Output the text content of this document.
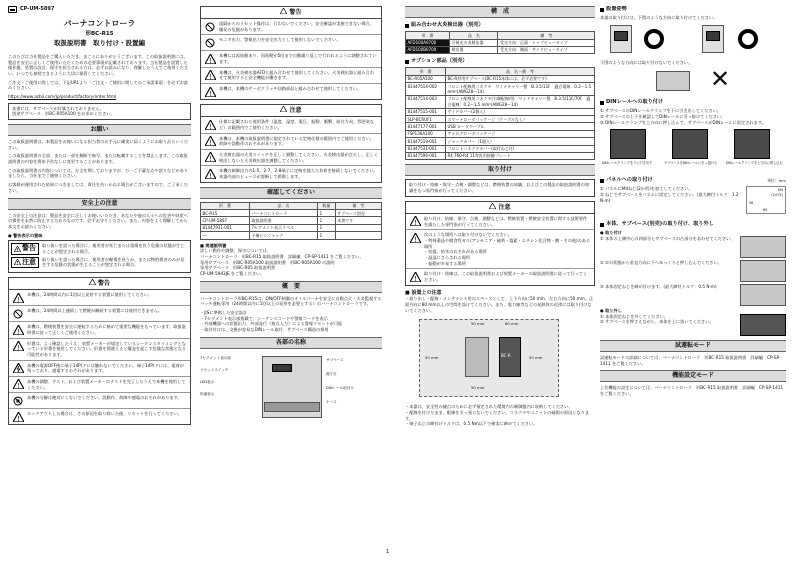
CP-UM-5897
バーナコントローラ
形BC-R15
取扱説明書　取り付け・設置編

このたびは当社製品をご購入いただき、まことにありがとうございます。この取扱説明書には、製品を安全に正しくご使用いただくための必要事項が記載されております。当社製品を設置した操作盤、装置の設計、保守を担当される方は、必ずお読みになり、理解したうえでご使用ください。いつでも参照できるように大切に保管してください。

ご注文・ご使用に際しては、下記URLより「ご注文・ご使用に関してのご承諾事項」を必ずお読みください。

https://www.azbil.com/jp/product/factory/order.html

本書には、サブベースが付属されておりません。
別途サブベース　形BC-R05A100 をお求めください。
お願い

この取扱説明書は、本製品をお使いになる担当者のお手元に確実に届くようにお取り計らいください。

この取扱説明書の全部、または一部を無断で複写、または転載することを禁止します。この取扱説明書の内容を将来予告なしに変更することがあります。

この取扱説明書の内容については、万全を期しておりますが、万一ご不審な点や誤りなどがありましたら、当社までご連絡ください。

お客様が運用された結果につきましては、責任を負いかねる場合がございますので、ご了承ください。

安全上の注意

この安全上の注意は、製品を安全に正しくお使いいただき、あなたや他の人々への危害や財産への損害を未然に防止するためのものです。必ずお守りください。また、内容をよく理解してから本文をお読みください。

● 警告表示の意味
! 警告 取り扱いを誤った場合に、使用者が死亡または重傷を負う危険の状態が生じることが想定される場合。
! 注意 取り扱いを誤った場合に、使用者が軽傷を負うか、または物的損害のみが発生する危険の状態が生じることが想定される場合。
警告
!
本機は、24時間以内に1回以上発停する装置に使用してください。
本機は、24時間以上連続して燃焼が継続する装置には使用できません。
!
本機は、燃焼装置を安全に運転するために極めて重要な機能をもっています。取扱説明書に従って正しくご使用ください。
!
形番は、よく確認したうえ、装置メーカーが規定しているシーケンスタイミングとなっている形番を使用してください。形番を間違えると爆発を起こす危険な状態となる可能性があります。
本機の電源OFF後に端子14P(ドには触れないでください。端子14P(ドには、電荷が残っており、感電するおそれがあります。
!
本機の調整、テスト、および装置メーカーのテストを完了したうえで本機を使用してください。
本機の分解は絶対にしないでください。誤動作、故障や感電のおそれがあります。
!
ロックアウトした場合は、その原因を取り除いた後、リセットを行ってください。
警告
遠隔からのリセット操作は、行わないでください。安全確認が実施できない場合、爆発の危険があります。
モニタ出力、警報出力を安全出力として使用しないでください。
!
本機には再始動あり、再始動が5回まで自動繰り返しで行われるように調整されています。
!
本機は、火炎検出器AFDと組み合わせて使用してください。火炎検出器と組み合わせて使用すると安全機能が働きます。
!
本機は、本機のサーボクラッチ回路部品と組み合わせて使用してください。
注意
!
仕様に記載された使用条件（温度、湿度、電圧、振動、衝撃、取付方向、雰囲気など）の範囲内でご使用ください。
!
本機は、本機の取扱説明書に規定されている定格仕様の範囲内でご使用ください。故障や誤動作のおそれがあります。
!
火炎検出器の火炎スイッチを正しく調整してください。火炎検出器が点火し、正しく検出しないと火炎検出器を調整してください。
!
本機の制御出力の1-5、2-7、2-8端子に定格を越えた負荷を接続しないでください。本器内部のヒューズが溶断して損傷します。
確認してください
形　番	品　名	数量	備　考
BC-R15	バーナコントローラ	1	サブベース別売
CP-UM-5897	取扱説明書	1	本書です
81447931-001	7セグメント表示ラベル	1	
―	予備ピンジャック	1	
■ 関連説明書
詳しい動作や調整、保守については、
バーナコントローラ　形BC-R15 取扱説明書　詳細編　CP-SP-1411 をご覧ください。
専用サブベース　形BC-R05A100 取扱説明書　形BC-R05A100 の説明
専用サブベース　形BC-R05 取扱説明書
CP-UM-5943JE をご覧ください。
概　要

バーナコントローラ形BC-R15は、ON/OFF制御のオイルバーナを安全に自動点火・火炎監視するバッチ運転専用（24時間以内に1回以上の発停を必要とする）のバーナコントローラです。

・JISに準拠した安全設計
・7セグメント表示部搭載で、シーケンスコードや警報コードを表示
・外部機器への状態出力、外部発行（接点入力）による警報リセットが可能
・取付付けは、交換が容易なDINレール取付、サブベース構造の採用
各部の名称
7セグメント表示部
リセットスイッチ
LED表示
形番表示
サブベース
端子台
DINレール取付け
ケース
構　成
組み合わせ火炎検出器（別売）
形　番	品　名	備　考
AFD100A0700	可視光火炎検出器	受光方向：正面　トップビュータイプ
AFD100B0700	検出器	受光方向：側面　サイドビュータイプ
オプション部品（別売）
形　番	品　名・備　考
BC-R05A100	BC-R形用サブベース(BC-R15本体には、必ず必要です)
81447514-002	フロント配線用コネクタ　ワイドキャリー製　B.3.5/11F　適合電線：0.2～1.5 mm²(AWG28～14)
81447514-003	フロント配線用コネクタ(右側配線用)　ワイドキャリー製　B.3.5/11F/70F　適合電線：0.2～1.5 mm²(AWG28～14)
81447515-001	サイドカバー(2個入)
SLP-BCRUF1	スマートローダパッケージ（ケーブルなし）
81447177-001	USB ローダケーブル
FSP136A100	アナログローダパッケージ
81447519-001	ジャックカバー（1個入）
81447531-001	フロントコネクタカバー(取付ねじ付)
81447596-001	R4 760-R4 11等汎用接触プレート
取り付け
取り付け・結線・保守・点検・調整などは、燃焼装置の知識、およびこの製品の取扱説明書の知識をもつ専門家が行ってください。
注意
!
取り付け、結線、保守、点検、調整などは、燃焼装置・燃焼安全装置に関する技術要件を満たした専門家が行ってください。
!
次のような場所へは取り付けないでください。
・特殊薬品や腐食性ガス(アンモニア・硫黄・塩素・エチレン化合物・酸・その他)のある場所
・結露、結氷のおそれがある場所
・温湿にさらされる場所
・振動が多発する場所
!
取り付け・結線は、この取扱説明書および装置メーカーの取扱説明書に従って行ってください。
■ 設置上の注意
・取り出し・配線・メンテナンス用のスペースとして、上下方向に50 mm、左右方向に50 mm、正面方向に80 mm以上の空間を設けてください。また、電力線等などの発熱体の近傍には取り付けないでください。
BC-R
50 mm
50 mm	50 mm
80 mm
50 mm
・本器は、安全性の観点のために必ず指定された環境内の制御盤内に収納してください。
・配線を付けたまま、配線を引っ張らないでください。コネクタやユニットの破損の原因となります。
・端子ねじの締付けトルクは、0.5 Nm以下で確実に締めてください。
1
設置姿勢
本器の取り付けは、下図のような方向に取り付けてください。
下図のような方向には取り付けないでください。
✕
DINレールへの取り付け
① サブベースのDINレールクランプを下に引き出してください。
② サブベースの上下を確認してDINレールに引っ掛けてください。
③ DINレールクランプを上方向に押し込んで、サブベースがDINレールに固定されます。
DINレールクランプを下に引き出す	サブベースをDINレールに引っ掛ける	DINレールクランプを上方向に押し込む
パネルへの取り付け	単位：mm
① パネルにM4ねじ(2か所)を加工してください。
② ねじでサブベースをパネルに固定してください。(最大締付トルク：1.2 N·m)
M4
(2か所)
56
60
本体、サブベース(別売)の取り付け、取り外し
● 取り付け
① 本体の上側中心の四部分とサブベースの凸部分をあわせてください。
② ①の状態から垂直方向に下へゆっくりと押し込んでください。
③ 本体固定ねじを締め付けます。(最大締付トルク：0.5 N·m)
● 取り外し
① 本体固定ねじを外してください。
② サブベースを押さえながら、本体を上に抜いてください。
試運転モード
試運転モードの詳細については、バーナコントローラ　形BC-R15 取扱説明書　詳細編　CP-SP-1411 をご覧ください。
機能設定モード
上位機能の設定については、バーナコントローラ　形BC-R15 取扱説明書　詳細編　CP-SP-1411 をご覧ください。
